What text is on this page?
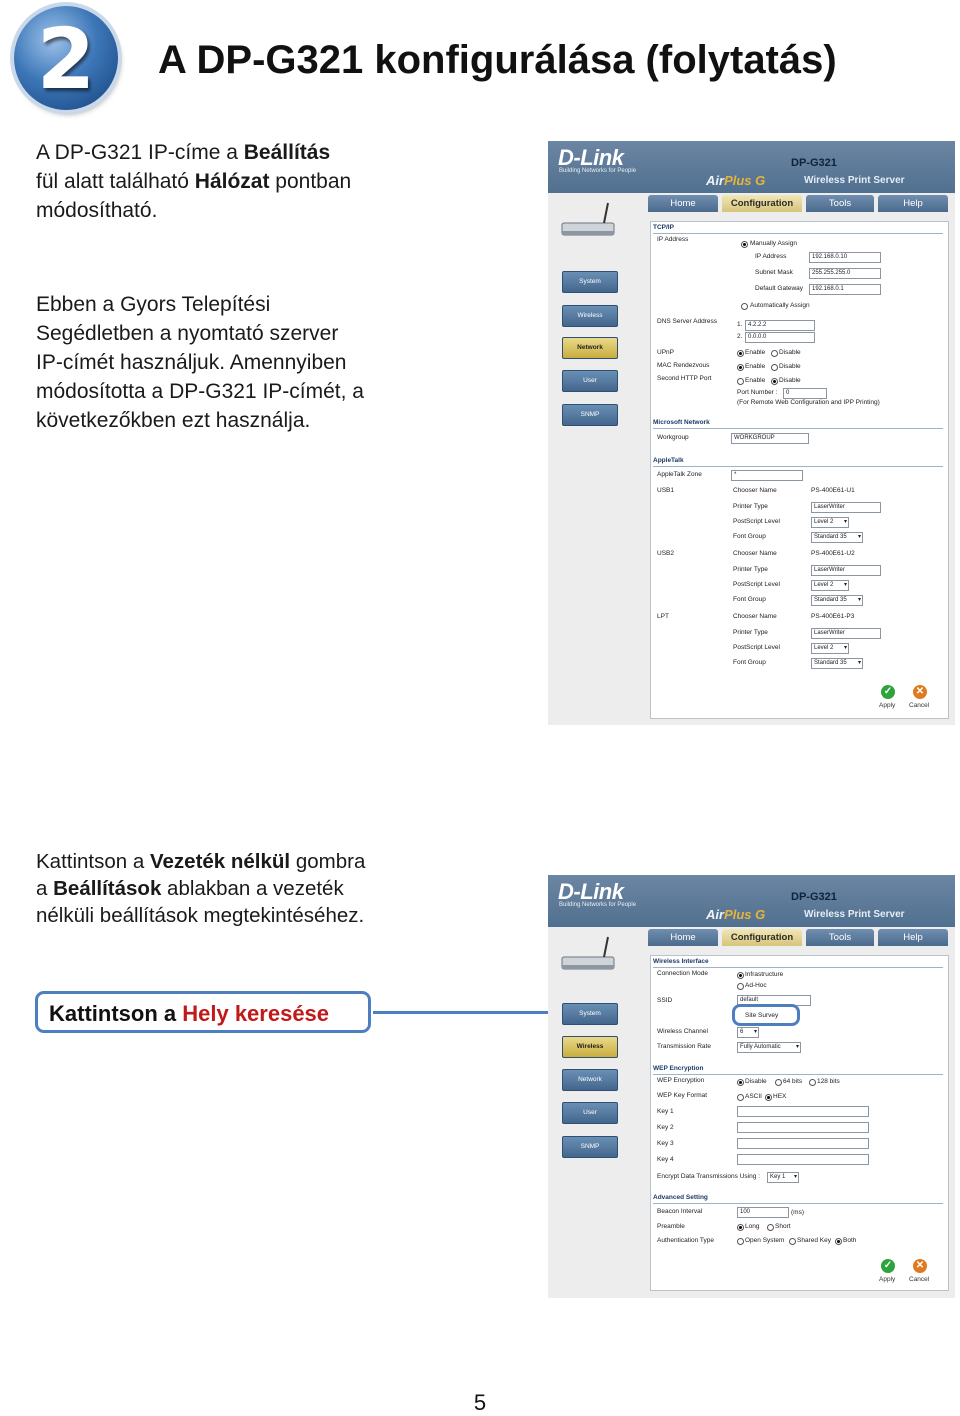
2	A DP-G321 konfigurálása (folytatás)
A DP-G321 IP-címe a Beállítás
fül alatt található Hálózat pontban
módosítható.
Ebben a Gyors Telepítési
Segédletben a nyomtató szerver
IP-címét használjuk. Amennyiben
módosította a DP-G321 IP-címét, a
következőkben ezt használja.
D-Link
Building Networks for People
DP-G321
AirPlus G	Wireless Print Server
Home	Configuration	Tools	Help
System
Wireless
Network
User
SNMP
TCP/IP
IP Address
Manually Assign
IP Address	192.168.0.10
Subnet Mask	255.255.255.0
Default Gateway	192.168.0.1
Automatically Assign
DNS Server Address	1. 4.2.2.2
2. 0.0.0.0
UPnP	Enable Disable
MAC Rendezvous	Enable Disable
Second HTTP Port	Enable Disable
Port Number :	0
(For Remote Web Configuration and IPP Printing)
Microsoft Network
Workgroup	WORKGROUP
AppleTalk
AppleTalk Zone	*
USB1	Chooser Name	PS-400E61-U1
Printer Type	LaserWriter
PostScript Level	Level 2 ▾
Font Group	Standard 35 ▾
USB2	Chooser Name	PS-400E61-U2
Printer Type	LaserWriter
PostScript Level	Level 2 ▾
Font Group	Standard 35 ▾
LPT	Chooser Name	PS-400E61-P3
Printer Type	LaserWriter
PostScript Level	Level 2 ▾
Font Group	Standard 35 ▾
✓
Apply
✕
Cancel
Kattintson a Vezeték nélkül gombra
a Beállítások ablakban a vezeték
nélküli beállítások megtekintéséhez.
Kattintson a Hely keresése
D-Link
Building Networks for People
DP-G321
AirPlus G	Wireless Print Server
Home	Configuration	Tools	Help
System
Wireless
Network
User
SNMP
Wireless Interface
Connection Mode	Infrastructure
Ad-Hoc
SSID	default
Site Survey
Wireless Channel	6 ▾
Transmission Rate	Fully Automatic ▾
WEP Encryption
WEP Encryption	Disable	64 bits 128 bits
WEP Key Format	ASCII HEX
Key 1
Key 2
Key 3
Key 4
Encrypt Data Transmissions Using :	Key 1 ▾
Advanced Setting
Beacon Interval	100	(ms)
Preamble	Long Short
Authentication Type	Open System Shared Key Both
✓
Apply
✕
Cancel
5
